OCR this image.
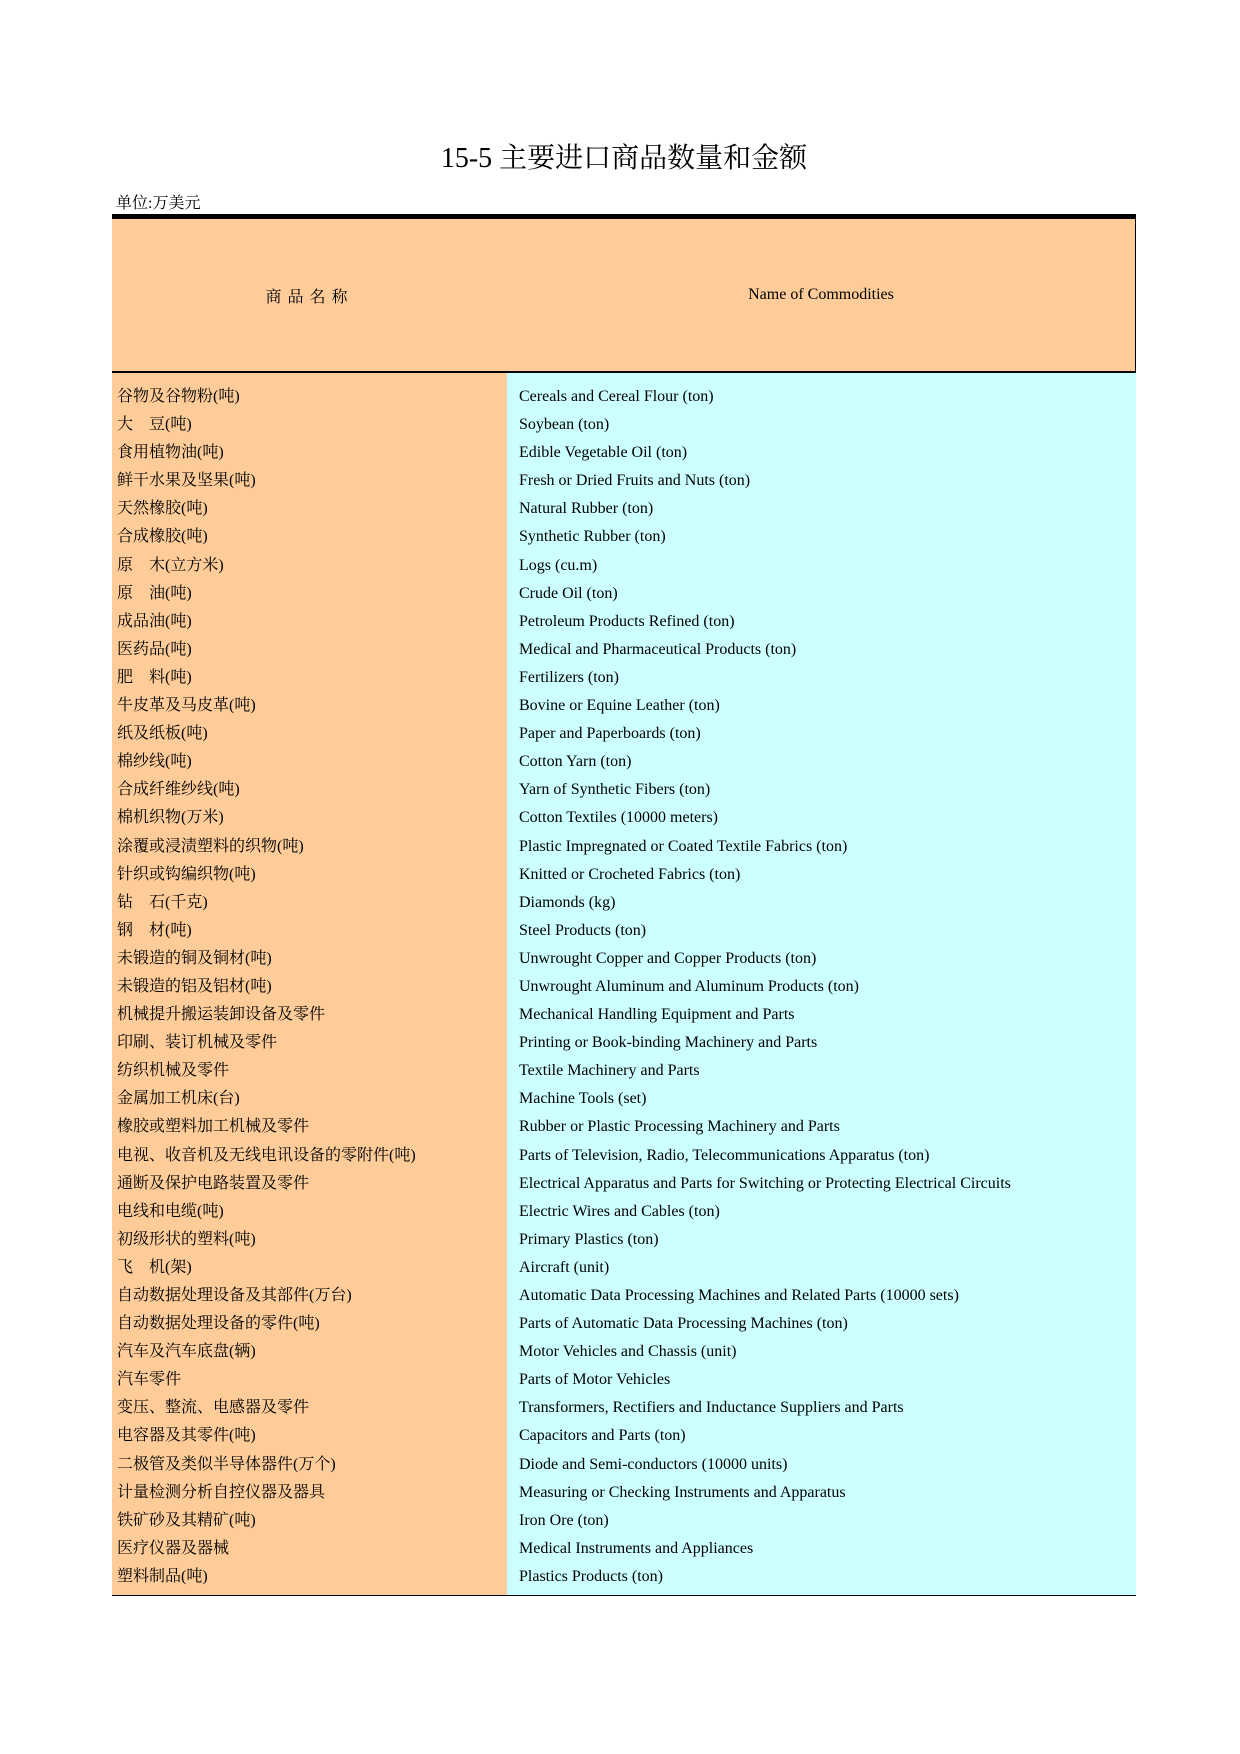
15-5 主要进口商品数量和金额
单位:万美元
商品名称	Name of Commodities
谷物及谷物粉(吨)
大　豆(吨)
食用植物油(吨)
鲜干水果及坚果(吨)
天然橡胶(吨)
合成橡胶(吨)
原　木(立方米)
原　油(吨)
成品油(吨)
医药品(吨)
肥　料(吨)
牛皮革及马皮革(吨)
纸及纸板(吨)
棉纱线(吨)
合成纤维纱线(吨)
棉机织物(万米)
涂覆或浸渍塑料的织物(吨)
针织或钩编织物(吨)
钻　石(千克)
钢　材(吨)
未锻造的铜及铜材(吨)
未锻造的铝及铝材(吨)
机械提升搬运装卸设备及零件
印刷、装订机械及零件
纺织机械及零件
金属加工机床(台)
橡胶或塑料加工机械及零件
电视、收音机及无线电讯设备的零附件(吨)
通断及保护电路装置及零件
电线和电缆(吨)
初级形状的塑料(吨)
飞　机(架)
自动数据处理设备及其部件(万台)
自动数据处理设备的零件(吨)
汽车及汽车底盘(辆)
汽车零件
变压、整流、电感器及零件
电容器及其零件(吨)
二极管及类似半导体器件(万个)
计量检测分析自控仪器及器具
铁矿砂及其精矿(吨)
医疗仪器及器械
塑料制品(吨)
Cereals and Cereal Flour (ton)
Soybean (ton)
Edible Vegetable Oil (ton)
Fresh or Dried Fruits and Nuts (ton)
Natural Rubber (ton)
Synthetic Rubber (ton)
Logs (cu.m)
Crude Oil (ton)
Petroleum Products Refined (ton)
Medical and Pharmaceutical Products (ton)
Fertilizers (ton)
Bovine or Equine Leather (ton)
Paper and Paperboards (ton)
Cotton Yarn (ton)
Yarn of Synthetic Fibers (ton)
Cotton Textiles (10000 meters)
Plastic Impregnated or Coated Textile Fabrics (ton)
Knitted or Crocheted Fabrics (ton)
Diamonds (kg)
Steel Products (ton)
Unwrought Copper and Copper Products (ton)
Unwrought Aluminum and Aluminum Products (ton)
Mechanical Handling Equipment and Parts
Printing or Book-binding Machinery and Parts
Textile Machinery and Parts
Machine Tools (set)
Rubber or Plastic Processing Machinery and Parts
Parts of Television, Radio, Telecommunications Apparatus (ton)
Electrical Apparatus and Parts for Switching or Protecting Electrical Circuits
Electric Wires and Cables (ton)
Primary Plastics (ton)
Aircraft (unit)
Automatic Data Processing Machines and Related Parts (10000 sets)
Parts of Automatic Data Processing Machines (ton)
Motor Vehicles and Chassis (unit)
Parts of Motor Vehicles
Transformers, Rectifiers and Inductance Suppliers and Parts
Capacitors and Parts (ton)
Diode and Semi-conductors (10000 units)
Measuring or Checking Instruments and Apparatus
Iron Ore (ton)
Medical Instruments and Appliances
Plastics Products (ton)
